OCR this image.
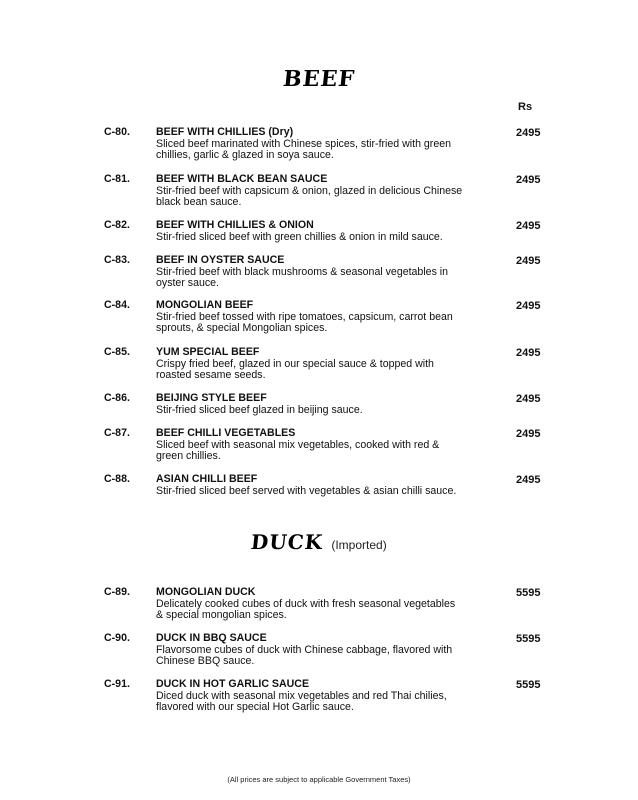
BEEF
Rs
C-80. BEEF WITH CHILLIES (Dry)
Sliced beef marinated with Chinese spices, stir-fried with green
chillies, garlic & glazed in soya sauce.
2495
C-81. BEEF WITH BLACK BEAN SAUCE
Stir-fried beef with capsicum & onion, glazed in delicious Chinese
black bean sauce.
2495
C-82. BEEF WITH CHILLIES & ONION
Stir-fried sliced beef with green chillies & onion in mild sauce.
2495
C-83. BEEF IN OYSTER SAUCE
Stir-fried beef with black mushrooms & seasonal vegetables in
oyster sauce.
2495
C-84. MONGOLIAN BEEF
Stir-fried beef tossed with ripe tomatoes, capsicum, carrot bean
sprouts, & special Mongolian spices.
2495
C-85. YUM SPECIAL BEEF
Crispy fried beef, glazed in our special sauce & topped with
roasted sesame seeds.
2495
C-86. BEIJING STYLE BEEF
Stir-fried sliced beef glazed in beijing sauce.
2495
C-87. BEEF CHILLI VEGETABLES
Sliced beef with seasonal mix vegetables, cooked with red &
green chillies.
2495
C-88. ASIAN CHILLI BEEF
Stir-fried sliced beef served with vegetables & asian chilli sauce.
2495
DUCK (Imported)
C-89. MONGOLIAN DUCK
Delicately cooked cubes of duck with fresh seasonal vegetables
& special mongolian spices.
5595
C-90. DUCK IN BBQ SAUCE
Flavorsome cubes of duck with Chinese cabbage, flavored with
Chinese BBQ sauce.
5595
C-91. DUCK IN HOT GARLIC SAUCE
Diced duck with seasonal mix vegetables and red Thai chilies,
flavored with our special Hot Garlic sauce.
5595
(All prices are subject to applicable Government Taxes)
